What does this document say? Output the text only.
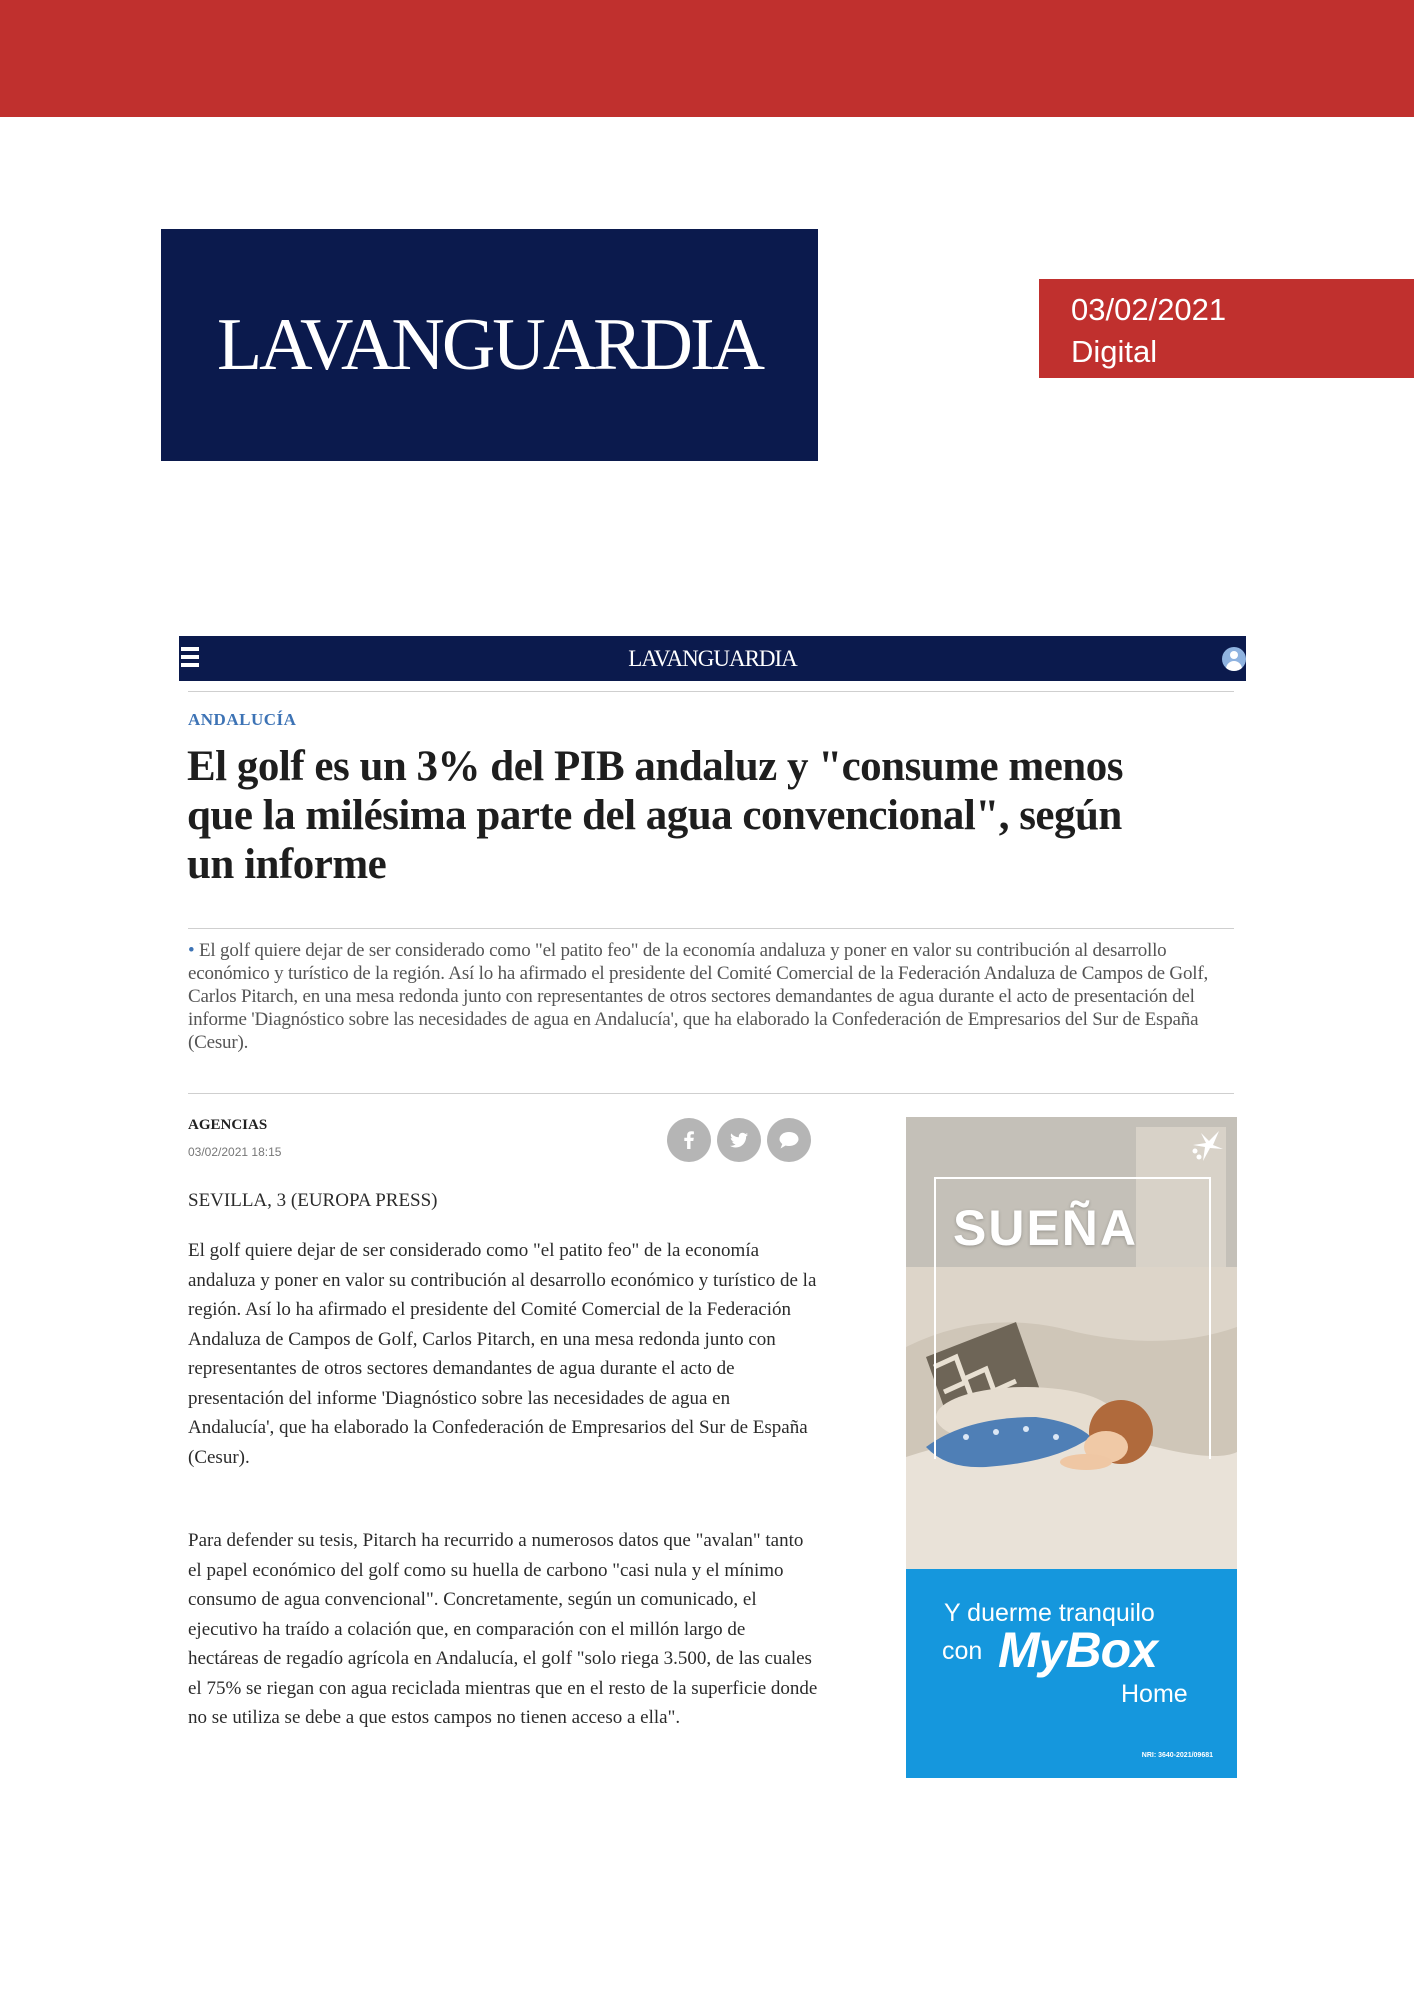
LAVANGUARDIA	03/02/2021
Digital
LAVANGUARDIA
ANDALUCÍA
El golf es un 3% del PIB andaluz y "consume menos que la milésima parte del agua convencional", según un informe

• El golf quiere dejar de ser considerado como "el patito feo" de la economía andaluza y poner en valor su contribución al desarrollo económico y turístico de la región. Así lo ha afirmado el presidente del Comité Comercial de la Federación Andaluza de Campos de Golf, Carlos Pitarch, en una mesa redonda junto con representantes de otros sectores demandantes de agua durante el acto de presentación del informe 'Diagnóstico sobre las necesidades de agua en Andalucía', que ha elaborado la Confederación de Empresarios del Sur de España (Cesur).

AGENCIAS
03/02/2021 18:15

SEVILLA, 3 (EUROPA PRESS)

El golf quiere dejar de ser considerado como "el patito feo" de la economía andaluza y poner en valor su contribución al desarrollo económico y turístico de la región. Así lo ha afirmado el presidente del Comité Comercial de la Federación Andaluza de Campos de Golf, Carlos Pitarch, en una mesa redonda junto con representantes de otros sectores demandantes de agua durante el acto de presentación del informe 'Diagnóstico sobre las necesidades de agua en Andalucía', que ha elaborado la Confederación de Empresarios del Sur de España (Cesur).

Para defender su tesis, Pitarch ha recurrido a numerosos datos que "avalan" tanto el papel económico del golf como su huella de carbono "casi nula y el mínimo consumo de agua convencional". Concretamente, según un comunicado, el ejecutivo ha traído a colación que, en comparación con el millón largo de hectáreas de regadío agrícola en Andalucía, el golf "solo riega 3.500, de las cuales el 75% se riegan con agua reciclada mientras que en el resto de la superficie donde no se utiliza se debe a que estos campos no tienen acceso a ella".

SUEÑA
Y duerme tranquilo
con MyBox
Home
NRI: 3640-2021/09681
